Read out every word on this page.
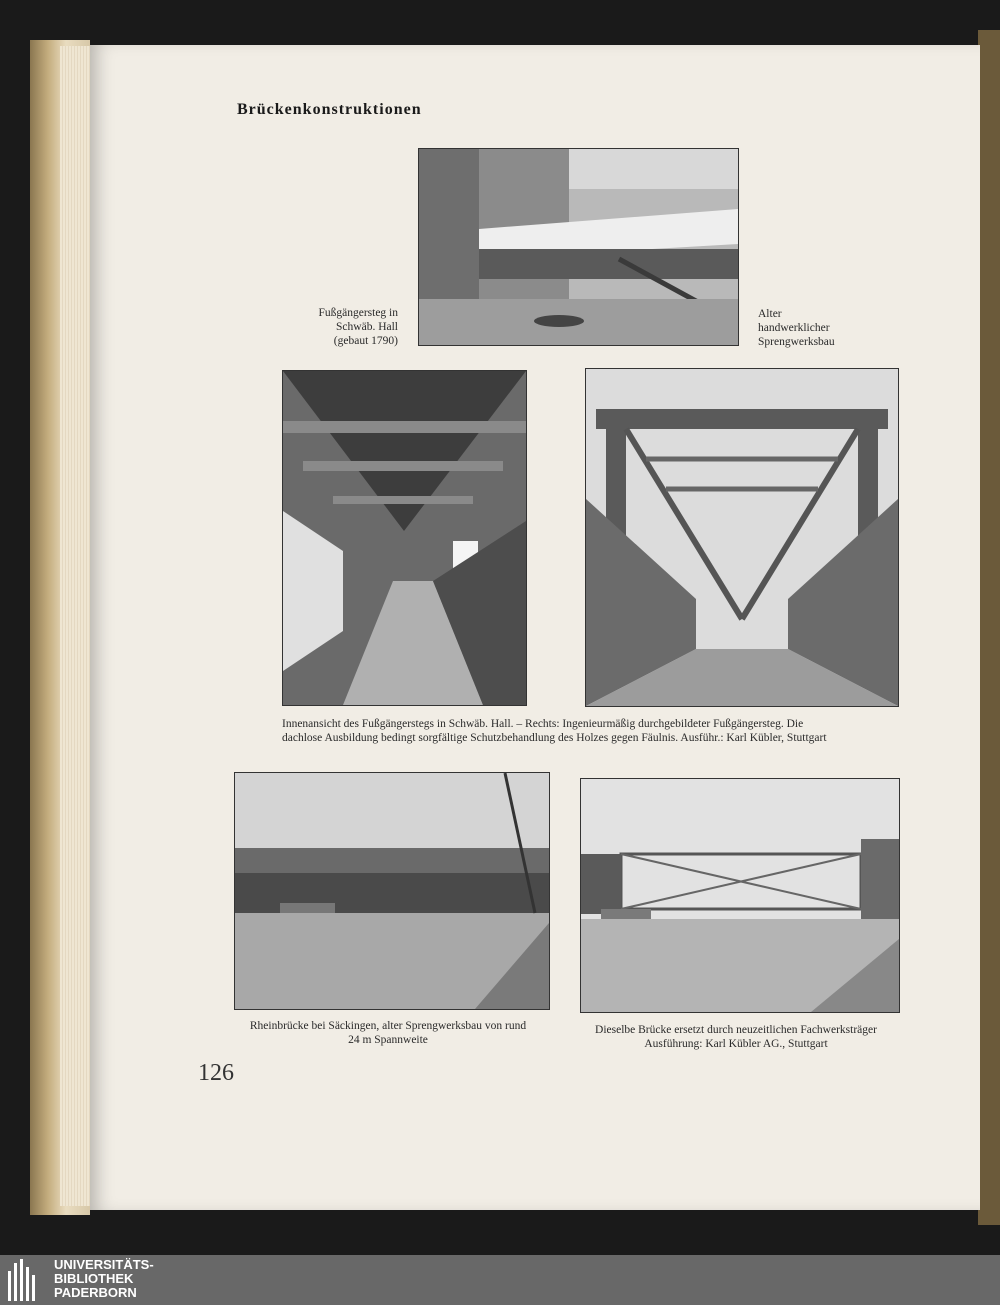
Brückenkonstruktionen
Fußgängersteg in
Schwäb. Hall
(gebaut 1790)
Alter
handwerklicher
Sprengwerksbau
Innenansicht des Fußgängerstegs in Schwäb. Hall. – Rechts: Ingenieurmäßig durchgebildeter Fußgängersteg. Die
dachlose Ausbildung bedingt sorgfältige Schutzbehandlung des Holzes gegen Fäulnis. Ausführ.: Karl Kübler, Stuttgart
Rheinbrücke bei Säckingen, alter Sprengwerksbau von rund
24 m Spannweite
Dieselbe Brücke ersetzt durch neuzeitlichen Fachwerksträger
Ausführung: Karl Kübler AG., Stuttgart
126
UNIVERSITÄTS-
BIBLIOTHEK
PADERBORN
